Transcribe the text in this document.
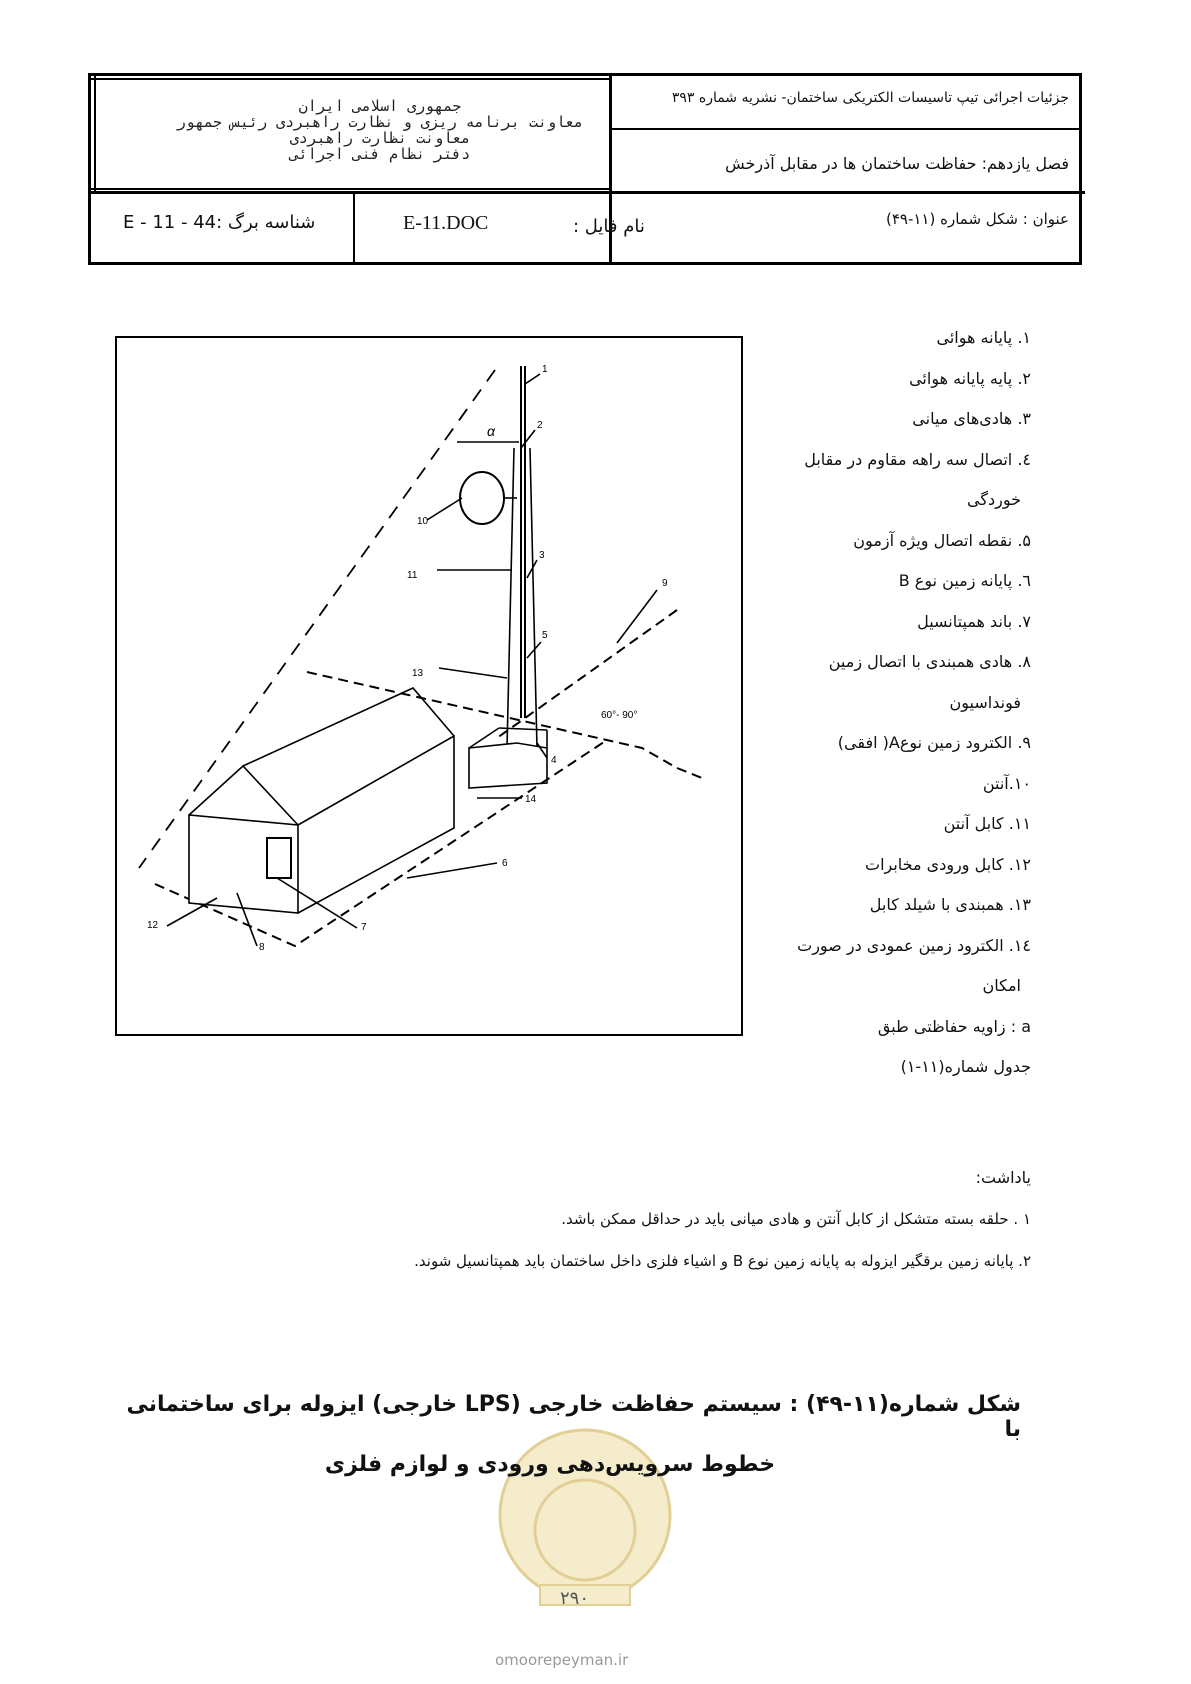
جزئیات اجرائی تیپ تاسیسات الکتریکی ساختمان- نشریه شماره ۳۹۳
فصل یازدهم: حفاظت ساختمان ها در مقابل آذرخش
عنوان : شکل شماره (۱۱-۴۹)
نام فایل :
E-11.DOC
شناسه برگ :44 - 11 - E
جمهوری اسلامی ایران
معاونت برنامه ریزی و نظارت راهبردی رئیس جمهور
معاونت نظارت راهبردی
دفتر نظام فنی اجرائی
α
1
2
3
4
5
6
7
8
9
10
11
12
13
14
60°- 90°
۱. پایانه هوائی
۲. پایه پایانه هوائی
۳. هادی‌های میانی
٤. اتصال سه راهه مقاوم در مقابل
خوردگی
۵. نقطه اتصال ویژه آزمون
٦. پایانه زمین نوع B
۷. باند همپتانسیل
۸. هادی همبندی با اتصال زمین
فونداسیون
۹. الکترود زمین نوعA( افقی)
۱۰.آنتن
۱۱. کابل آنتن
۱۲. کابل ورودی مخابرات
۱۳. همبندی با شیلد کابل
١٤. الکترود زمین عمودی در صورت
امکان
a : زاویه حفاظتی طبق
جدول شماره(۱۱-۱)
یاداشت:
۱ . حلقه بسته متشکل از کابل آنتن و هادی میانی باید در حداقل ممکن باشد.
۲. پایانه زمین برقگیر ایزوله به پایانه زمین نوع B و اشیاء فلزی داخل ساختمان باید همپتانسیل شوند.
شکل شماره(۱۱-۴۹) : سیستم حفاظت خارجی (LPS خارجی) ایزوله برای ساختمانی با
خطوط سرویس‌دهی ورودی و لوازم فلزی
۲۹۰
omoorepeyman.ir
